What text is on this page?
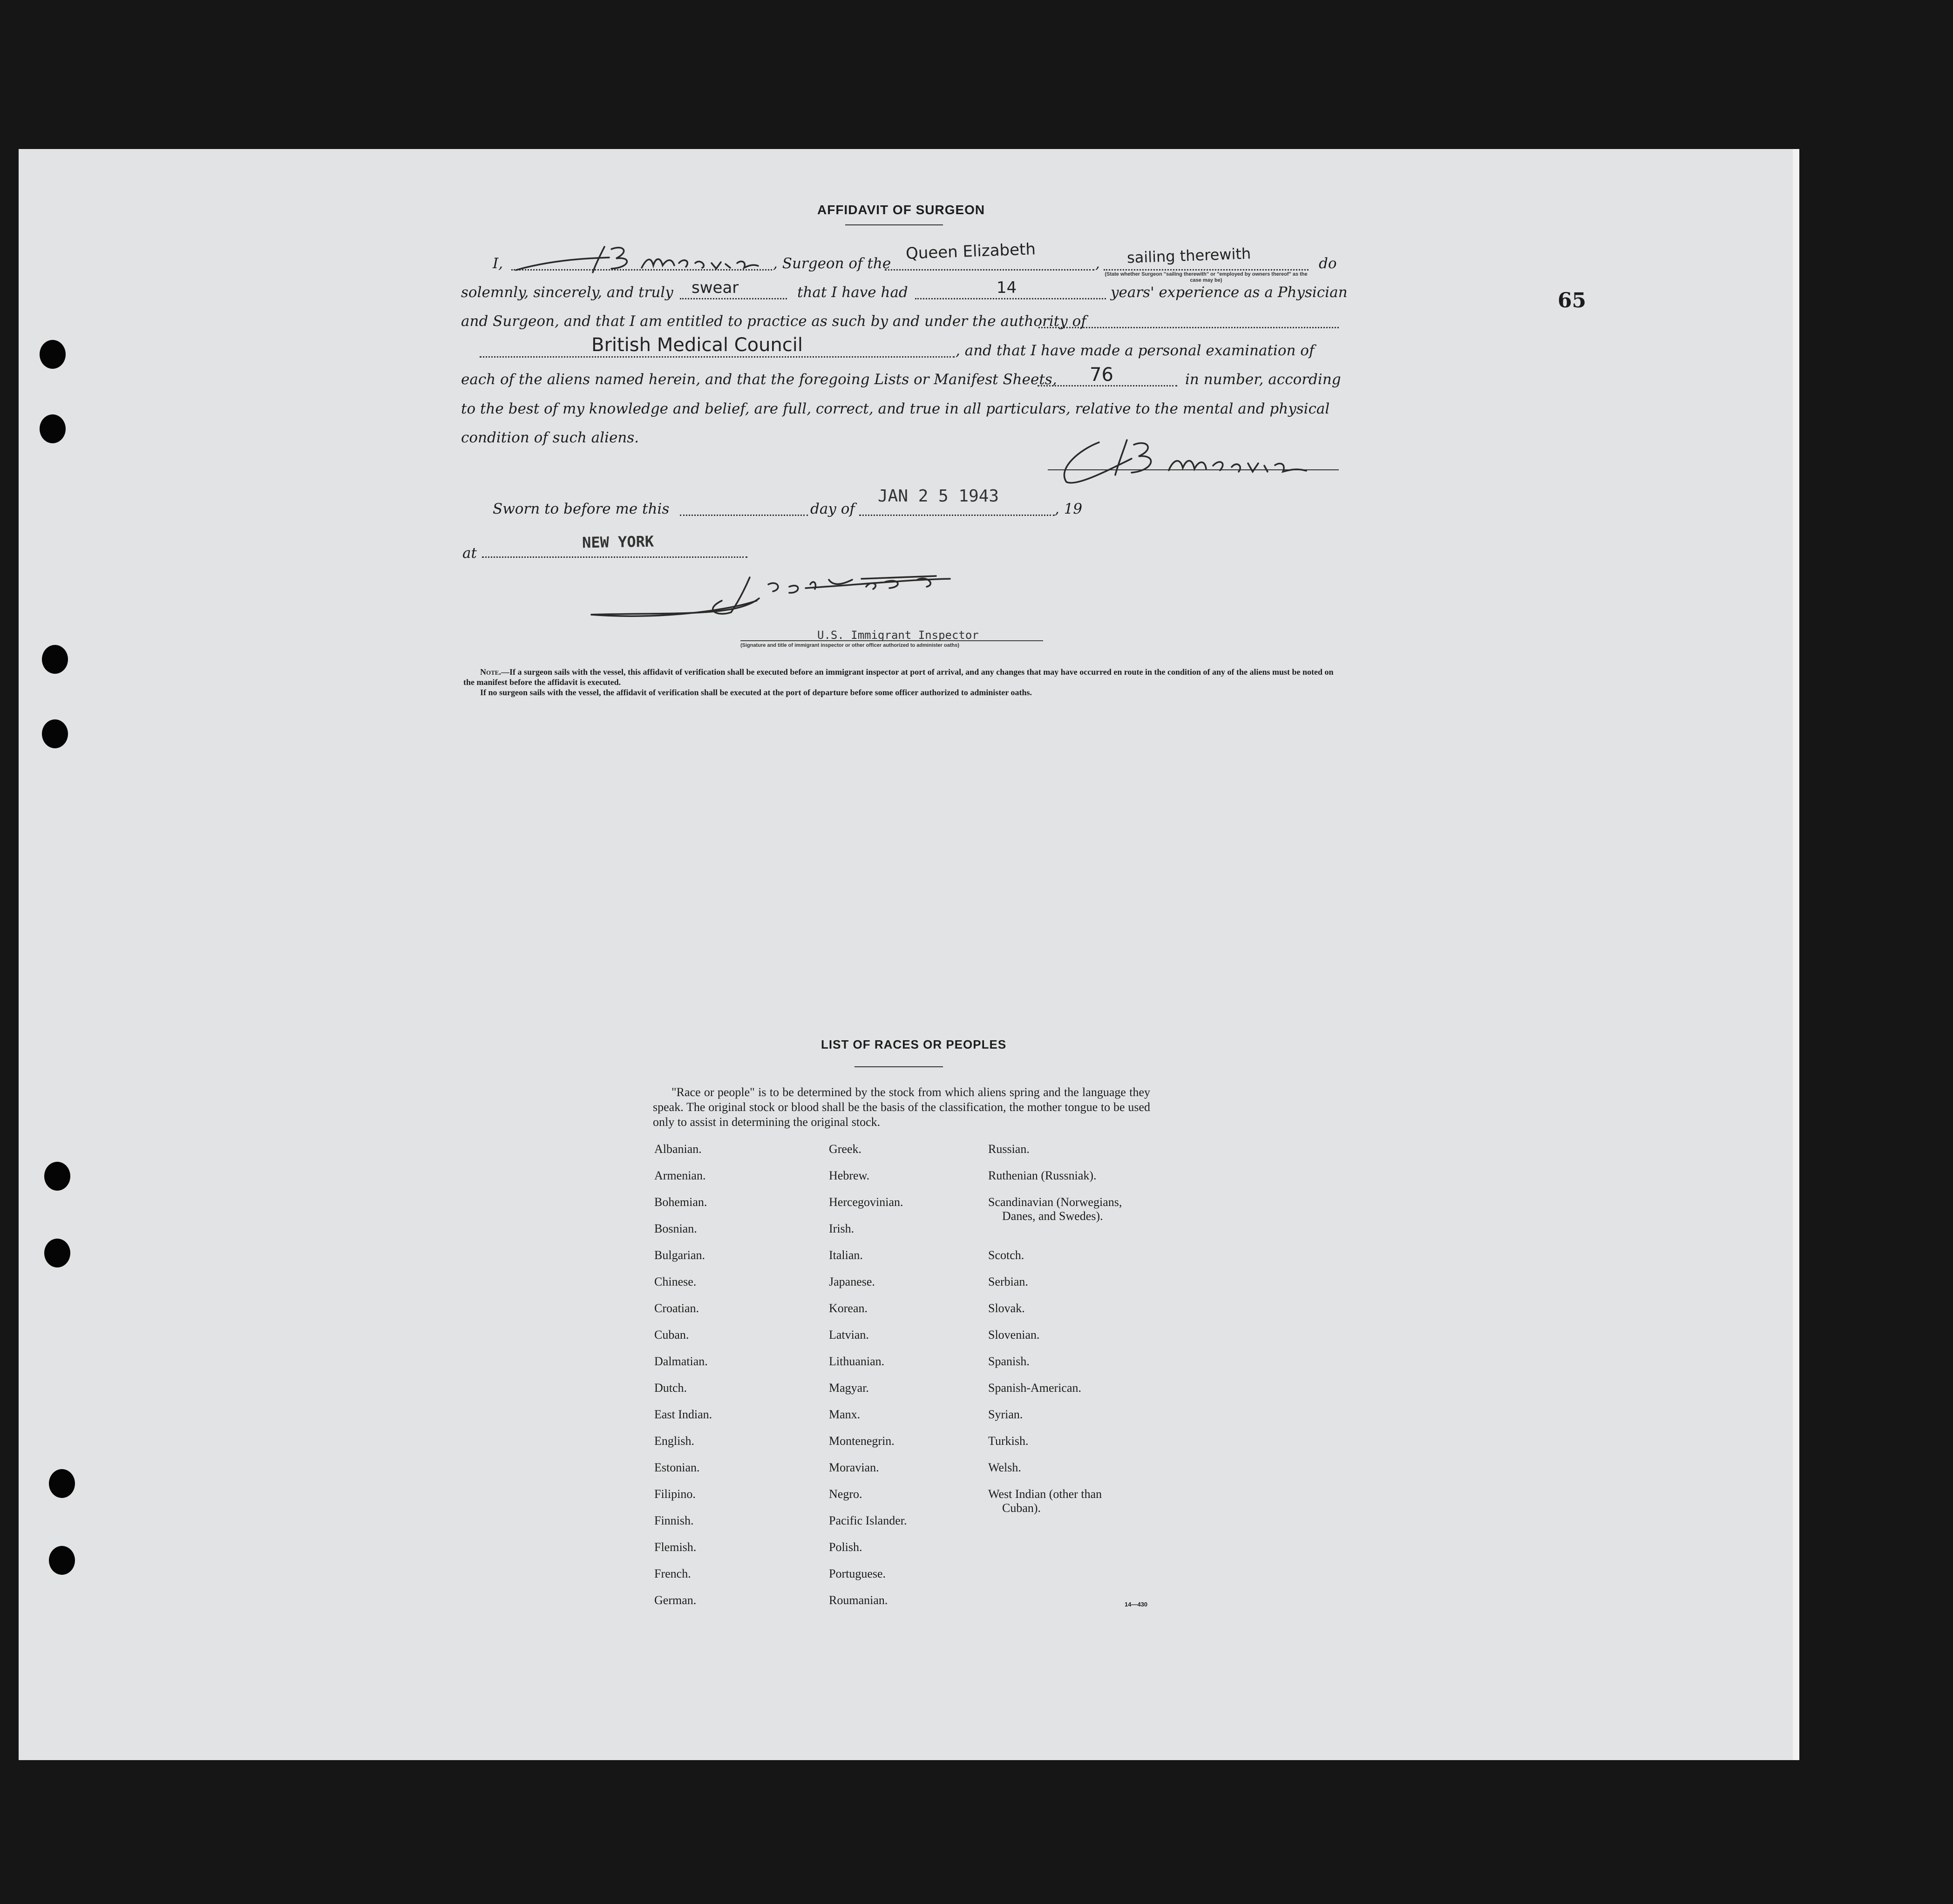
65
AFFIDAVIT OF SURGEON
I,	, Surgeon of the
Queen Elizabeth
, sailing therewith
(State whether Surgeon "sailing therewith" or "employed by owners thereof" as the case may be)
do
solemnly, sincerely, and truly swear	that I have had	14	years' experience as a Physician
and Surgeon, and that I am entitled to practice as such by and under the authority of
British Medical Council	, and that I have made a personal examination of
each of the aliens named herein, and that the foregoing Lists or Manifest Sheets, 76	in number, according
to the best of my knowledge and belief, are full, correct, and true in all particulars, relative to the mental and physical
condition of such aliens.
Sworn to before me this	day of
JAN 2 5 1943
, 19
at
NEW YORK
U.S. Immigrant Inspector
(Signature and title of immigrant inspector or other officer authorized to administer oaths)
Note.—If a surgeon sails with the vessel, this affidavit of verification shall be executed before an immigrant inspector at port of arrival, and any changes that may have occurred en route in the condition of any of the aliens must be noted on the manifest before the affidavit is executed.
If no surgeon sails with the vessel, the affidavit of verification shall be executed at the port of departure before some officer authorized to administer oaths.
LIST OF RACES OR PEOPLES
"Race or people" is to be determined by the stock from which aliens spring and the language they speak. The original stock or blood shall be the basis of the classification, the mother tongue to be used only to assist in determining the original stock.
Albanian.
Armenian.
Bohemian.
Bosnian.
Bulgarian.
Chinese.
Croatian.
Cuban.
Dalmatian.
Dutch.
East Indian.
English.
Estonian.
Filipino.
Finnish.
Flemish.
French.
German.
Greek.
Hebrew.
Hercegovinian.
Irish.
Italian.
Japanese.
Korean.
Latvian.
Lithuanian.
Magyar.
Manx.
Montenegrin.
Moravian.
Negro.
Pacific Islander.
Polish.
Portuguese.
Roumanian.
Russian.
Ruthenian (Russniak).
Scandinavian (Norwegians,
Danes, and Swedes).
Scotch.
Serbian.
Slovak.
Slovenian.
Spanish.
Spanish-American.
Syrian.
Turkish.
Welsh.
West Indian (other than
Cuban).
14—430
